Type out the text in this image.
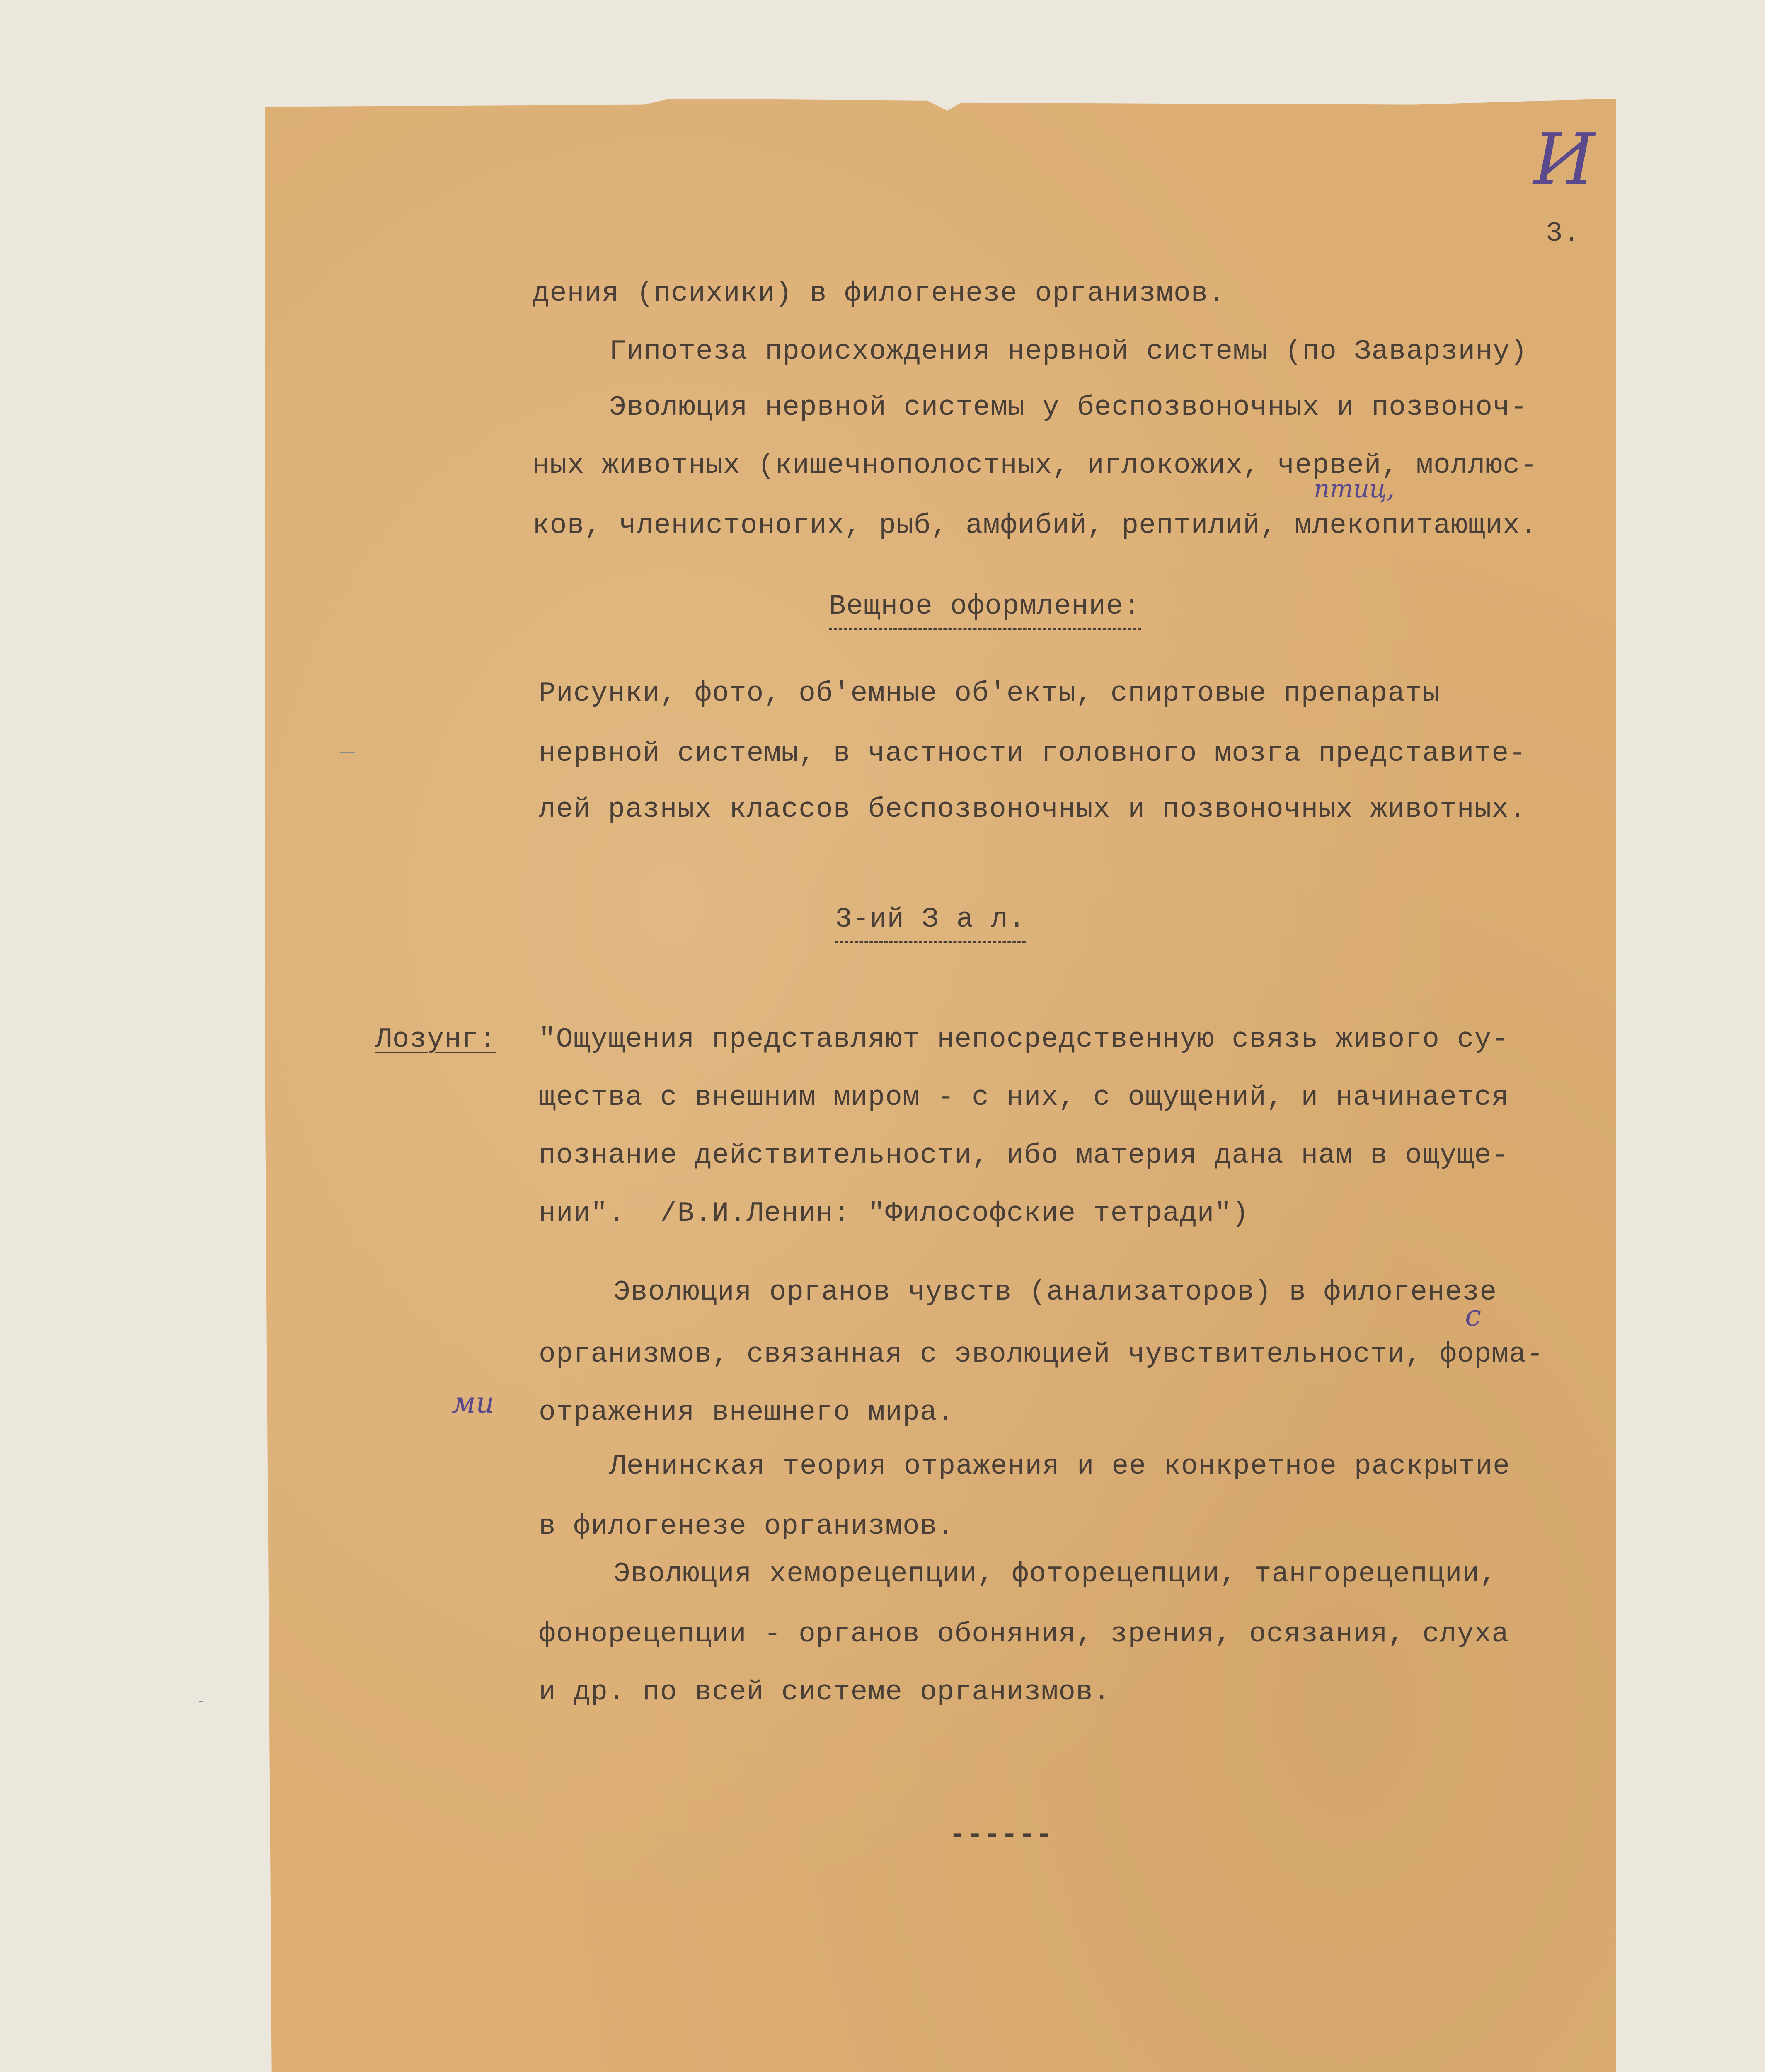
И
3.
дения (психики) в филогенезе организмов.
Гипотеза происхождения нервной системы (по Заварзину)
Эволюция нервной системы у беспозвоночных и позвоноч-
ных животных (кишечнополостных, иглокожих, червей, моллюс-
ков, членистоногих, рыб, амфибий, рептилий, млекопитающих.
птиц,
Вещное оформление:
Рисунки, фото, об'емные об'екты, спиртовые препараты
нервной системы, в частности головного мозга представите-
лей разных классов беспозвоночных и позвоночных животных.
3-ий З а л.
Лозунг: "Ощущения представляют непосредственную связь живого су-
щества с внешним миром - с них, с ощущений, и начинается
познание действительности, ибо материя дана нам в ощуще-
нии".  /В.И.Ленин: "Философские тетради")
Эволюция органов чувств (анализаторов) в филогенезе
организмов, связанная с эволюцией чувствительности, форма-
отражения внешнего мира.
с
ми
Ленинская теория отражения и ее конкретное раскрытие
в филогенезе организмов.
Эволюция хеморецепции, фоторецепции, тангорецепции,
фонорецепции - органов обоняния, зрения, осязания, слуха
и др. по всей системе организмов.
------
